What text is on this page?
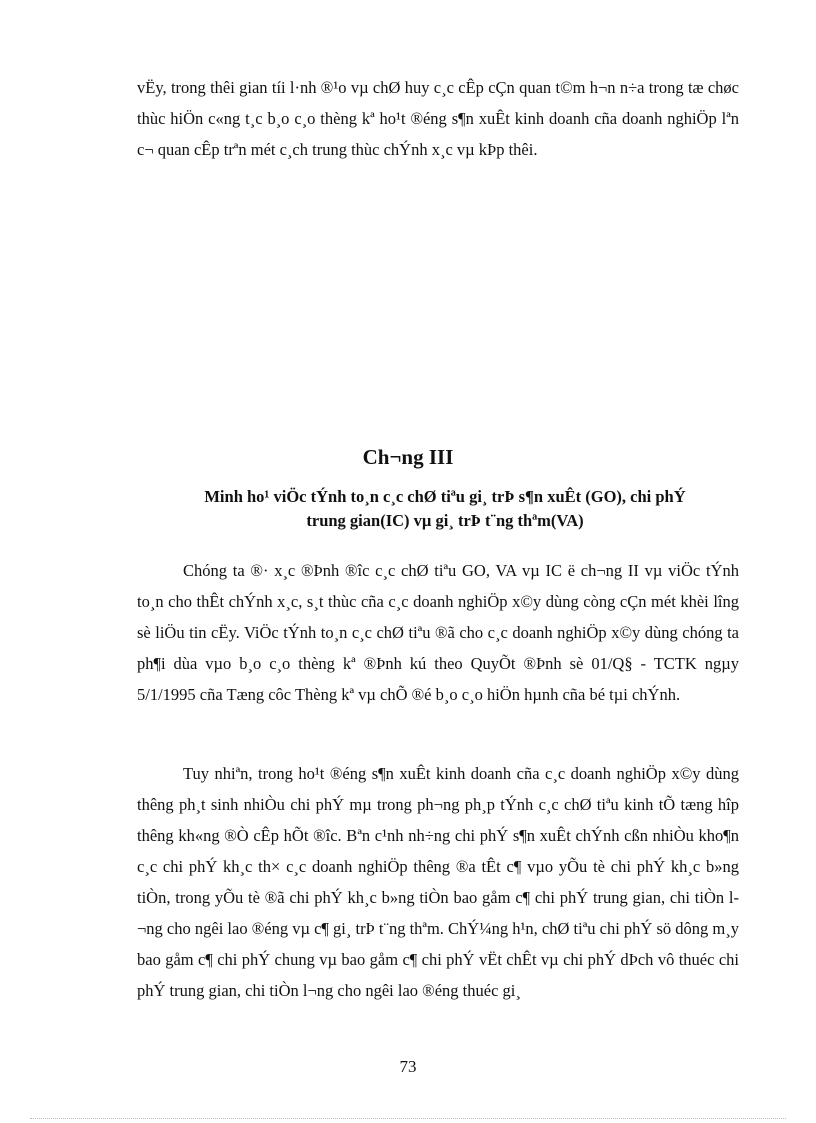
vËy, trong thêi gian tíi l·nh ®¹o vµ chØ huy c¸c cÊp cÇn quan t©m h¬n n÷a trong tæ chøc thùc hiÖn c«ng t¸c b¸o c¸o thèng kª ho¹t ®éng s¶n xuÊt kinh doanh cña doanh nghiÖp lªn c¬ quan cÊp trªn mét c¸ch trung thùc chÝnh x¸c vµ kÞp thêi.

Ch¬ng III
Minh ho¹ viÖc tÝnh to¸n c¸c chØ tiªu gi¸ trÞ s¶n xuÊt (GO), chi phÝ
trung gian(IC) vµ gi¸ trÞ t¨ng thªm(VA)

Chóng ta ®· x¸c ®Þnh ®îc c¸c chØ tiªu GO, VA vµ IC ë ch¬ng II vµ viÖc tÝnh to¸n cho thÊt chÝnh x¸c, s¸t thùc cña c¸c doanh nghiÖp x©y dùng còng cÇn mét khèi lîng sè liÖu tin cËy. ViÖc tÝnh to¸n c¸c chØ tiªu ®ã cho c¸c doanh nghiÖp x©y dùng chóng ta ph¶i dùa vµo b¸o c¸o thèng kª ®Þnh kú theo QuyÕt ®Þnh sè 01/Q§ - TCTK ngµy 5/1/1995 cña Tæng côc Thèng kª vµ chÕ ®é b¸o c¸o hiÖn hµnh cña bé tµi chÝnh.

Tuy nhiªn, trong ho¹t ®éng s¶n xuÊt kinh doanh cña c¸c doanh nghiÖp x©y dùng thêng ph¸t sinh nhiÒu chi phÝ mµ trong ph¬ng ph¸p tÝnh c¸c chØ tiªu kinh tÕ tæng hîp thêng kh«ng ®Ò cÊp hÕt ®îc. Bªn c¹nh nh÷ng chi phÝ s¶n xuÊt chÝnh cßn nhiÒu kho¶n c¸c chi phÝ kh¸c th× c¸c doanh nghiÖp thêng ®a tÊt c¶ vµo yÕu tè chi phÝ kh¸c b»ng tiÒn, trong yÕu tè ®ã chi phÝ kh¸c b»ng tiÒn bao gåm c¶ chi phÝ trung gian, chi tiÒn l¬ng cho ngêi lao ®éng vµ c¶ gi¸ trÞ t¨ng thªm. ChÝ¼ng h¹n, chØ tiªu chi phÝ sö dông m¸y bao gåm c¶ chi phÝ chung vµ bao gåm c¶ chi phÝ vËt chÊt vµ chi phÝ dÞch vô thuéc chi phÝ trung gian, chi tiÒn l¬ng cho ngêi lao ®éng thuéc gi¸

73
